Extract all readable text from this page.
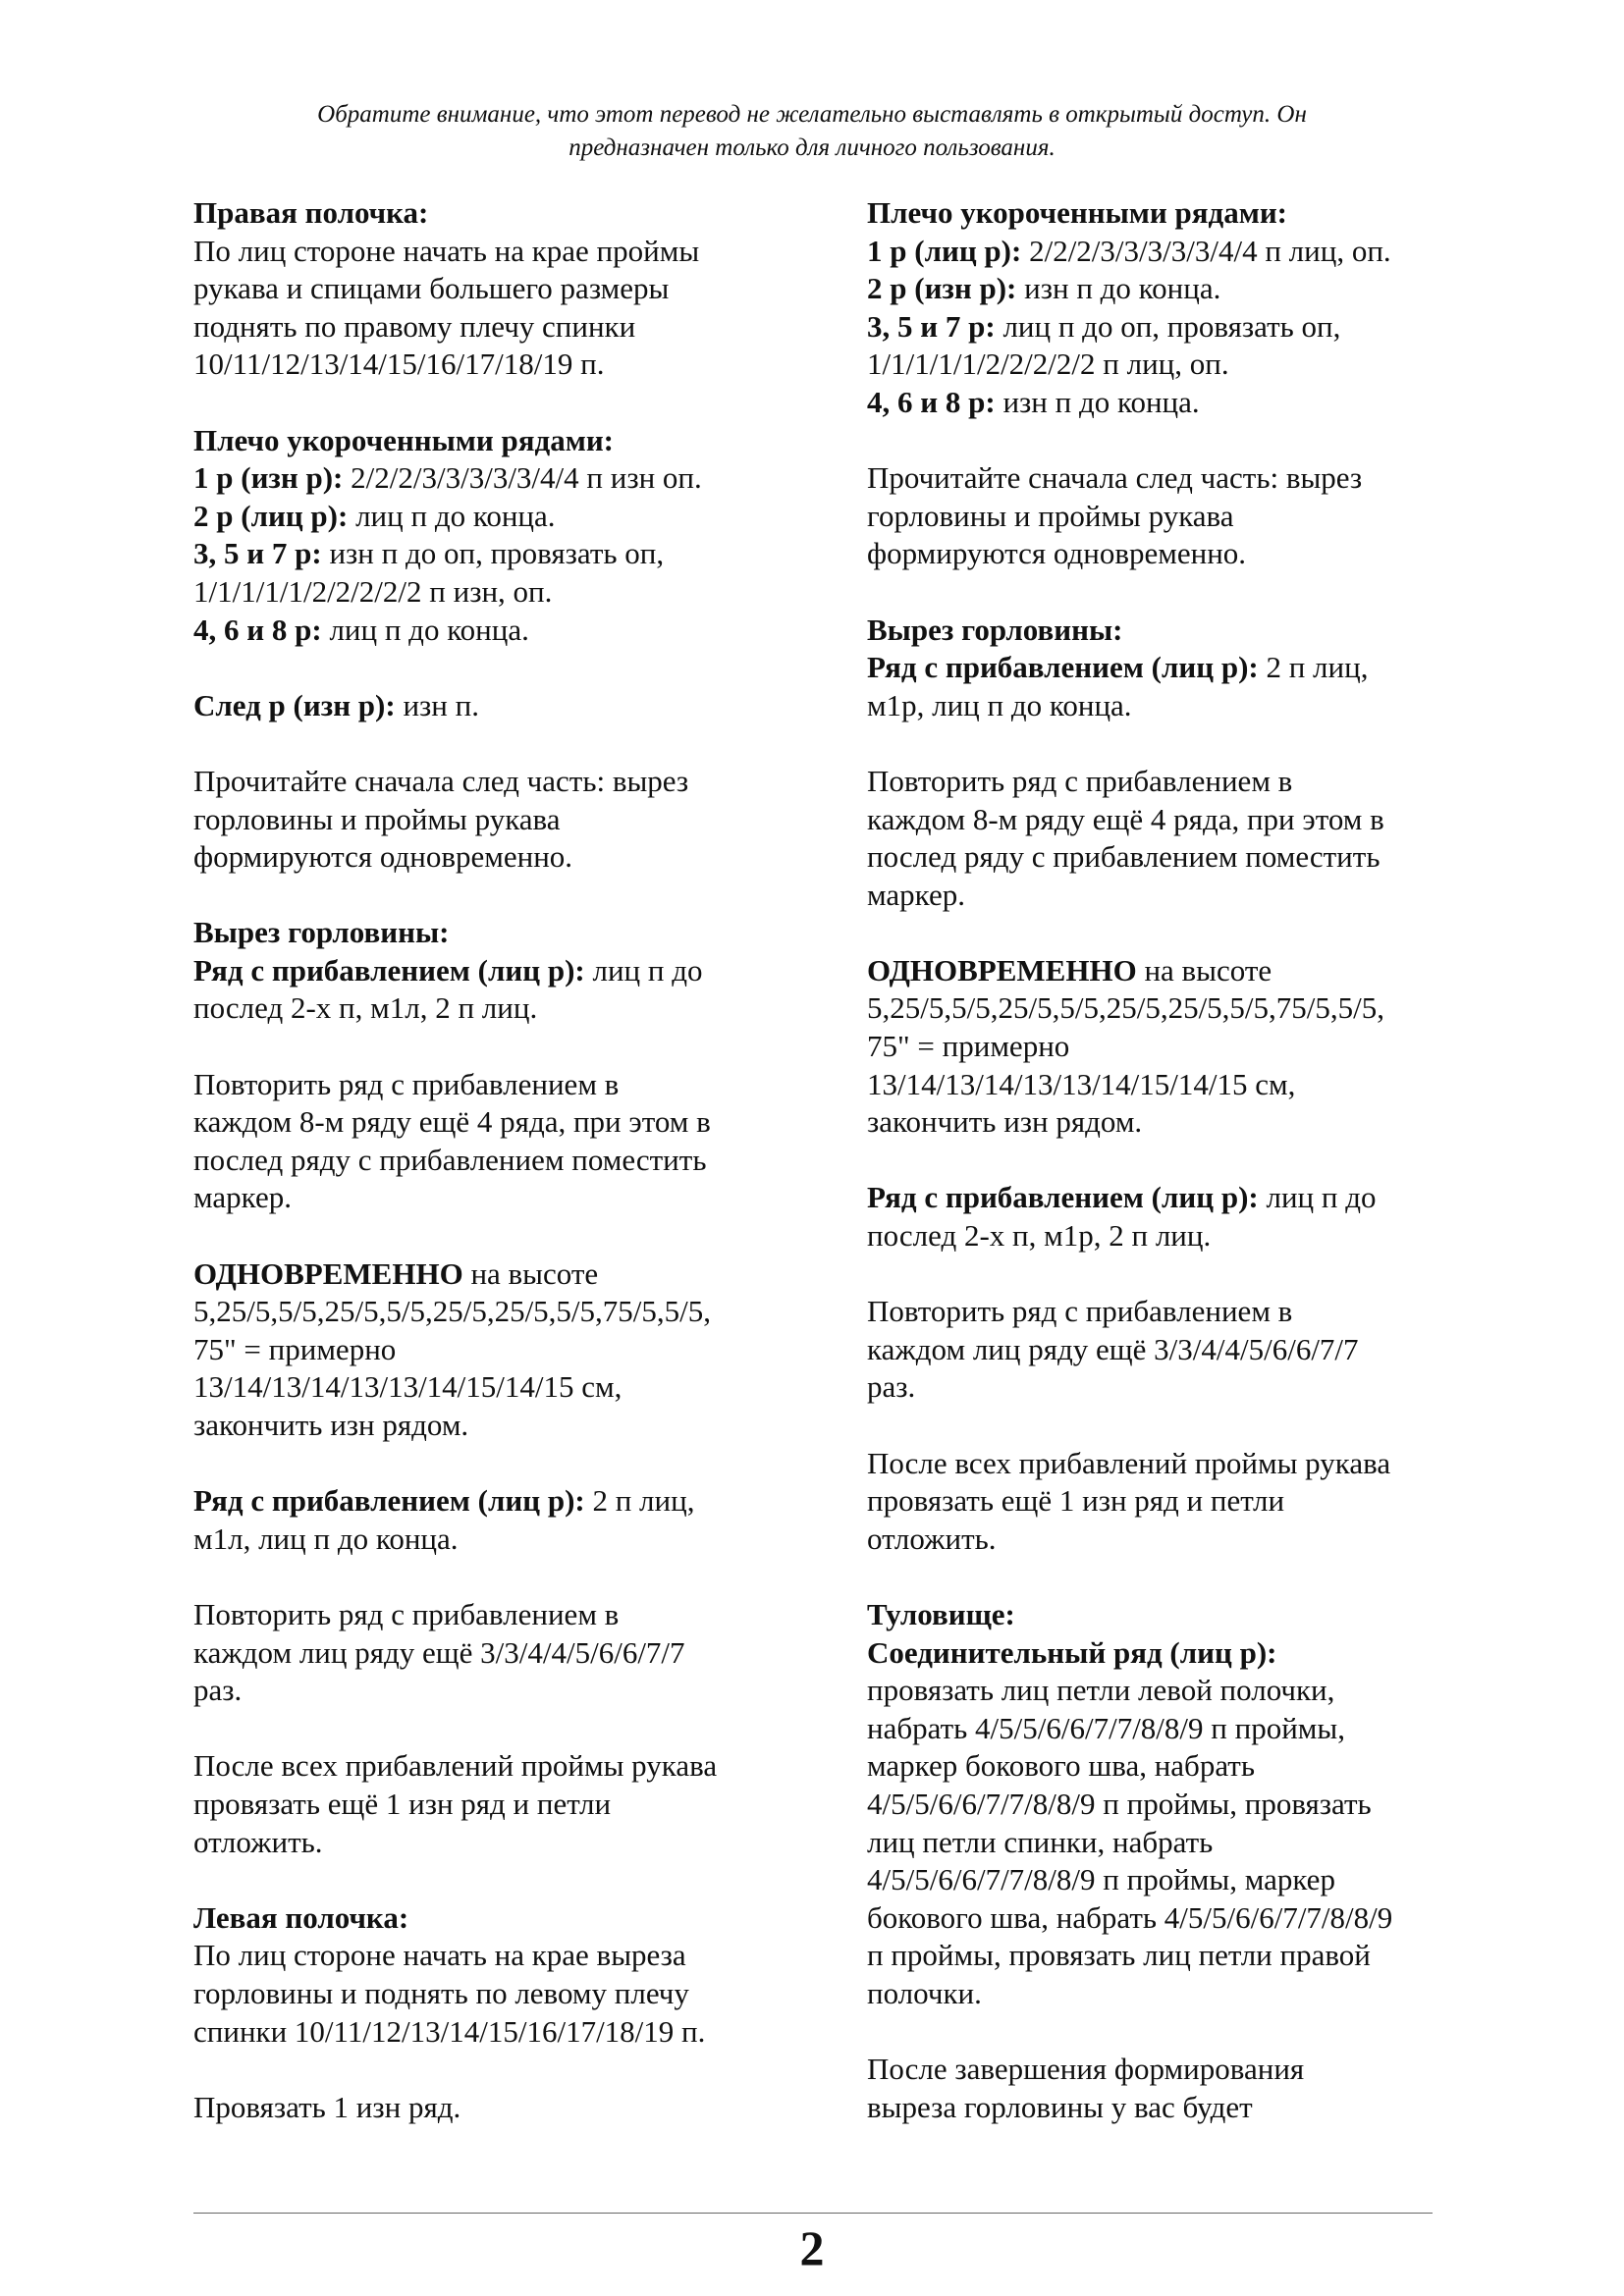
Обратите внимание, что этот перевод не желательно выставлять в открытый доступ. Он
предназначен только для личного пользования.
Правая полочка:
По лиц стороне начать на крае проймы
рукава и спицами большего размеры
поднять по правому плечу спинки
10/11/12/13/14/15/16/17/18/19 п.
Плечо укороченными рядами:
1 р (изн р): 2/2/2/3/3/3/3/3/4/4 п изн оп.
2 р (лиц р): лиц п до конца.
3, 5 и 7 р: изн п до оп, провязать оп,
1/1/1/1/1/2/2/2/2/2 п изн, оп.
4, 6 и 8 р: лиц п до конца.
След р (изн р): изн п.
Прочитайте сначала след часть: вырез
горловины и проймы рукава
формируются одновременно.
Вырез горловины:
Ряд с прибавлением (лиц р): лиц п до
послед 2-х п, м1л, 2 п лиц.
Повторить ряд с прибавлением в
каждом 8-м ряду ещё 4 ряда, при этом в
послед ряду с прибавлением поместить
маркер.
ОДНОВРЕМЕННО на высоте
5,25/5,5/5,25/5,5/5,25/5,25/5,5/5,75/5,5/5,
75" = примерно
13/14/13/14/13/13/14/15/14/15 см,
закончить изн рядом.
Ряд с прибавлением (лиц р): 2 п лиц,
м1л, лиц п до конца.
Повторить ряд с прибавлением в
каждом лиц ряду ещё 3/3/4/4/5/6/6/7/7
раз.
После всех прибавлений проймы рукава
провязать ещё 1 изн ряд и петли
отложить.
Левая полочка:
По лиц стороне начать на крае выреза
горловины и поднять по левому плечу
спинки 10/11/12/13/14/15/16/17/18/19 п.
Провязать 1 изн ряд.
Плечо укороченными рядами:
1 р (лиц р): 2/2/2/3/3/3/3/3/4/4 п лиц, оп.
2 р (изн р): изн п до конца.
3, 5 и 7 р: лиц п до оп, провязать оп,
1/1/1/1/1/2/2/2/2/2 п лиц, оп.
4, 6 и 8 р: изн п до конца.
Прочитайте сначала след часть: вырез
горловины и проймы рукава
формируются одновременно.
Вырез горловины:
Ряд с прибавлением (лиц р): 2 п лиц,
м1р, лиц п до конца.
Повторить ряд с прибавлением в
каждом 8-м ряду ещё 4 ряда, при этом в
послед ряду с прибавлением поместить
маркер.
ОДНОВРЕМЕННО на высоте
5,25/5,5/5,25/5,5/5,25/5,25/5,5/5,75/5,5/5,
75" = примерно
13/14/13/14/13/13/14/15/14/15 см,
закончить изн рядом.
Ряд с прибавлением (лиц р): лиц п до
послед 2-х п, м1р, 2 п лиц.
Повторить ряд с прибавлением в
каждом лиц ряду ещё 3/3/4/4/5/6/6/7/7
раз.
После всех прибавлений проймы рукава
провязать ещё 1 изн ряд и петли
отложить.
Туловище:
Соединительный ряд (лиц р):
провязать лиц петли левой полочки,
набрать 4/5/5/6/6/7/7/8/8/9 п проймы,
маркер бокового шва, набрать
4/5/5/6/6/7/7/8/8/9 п проймы, провязать
лиц петли спинки, набрать
4/5/5/6/6/7/7/8/8/9 п проймы, маркер
бокового шва, набрать 4/5/5/6/6/7/7/8/8/9
п проймы, провязать лиц петли правой
полочки.
После завершения формирования
выреза горловины у вас будет
2
